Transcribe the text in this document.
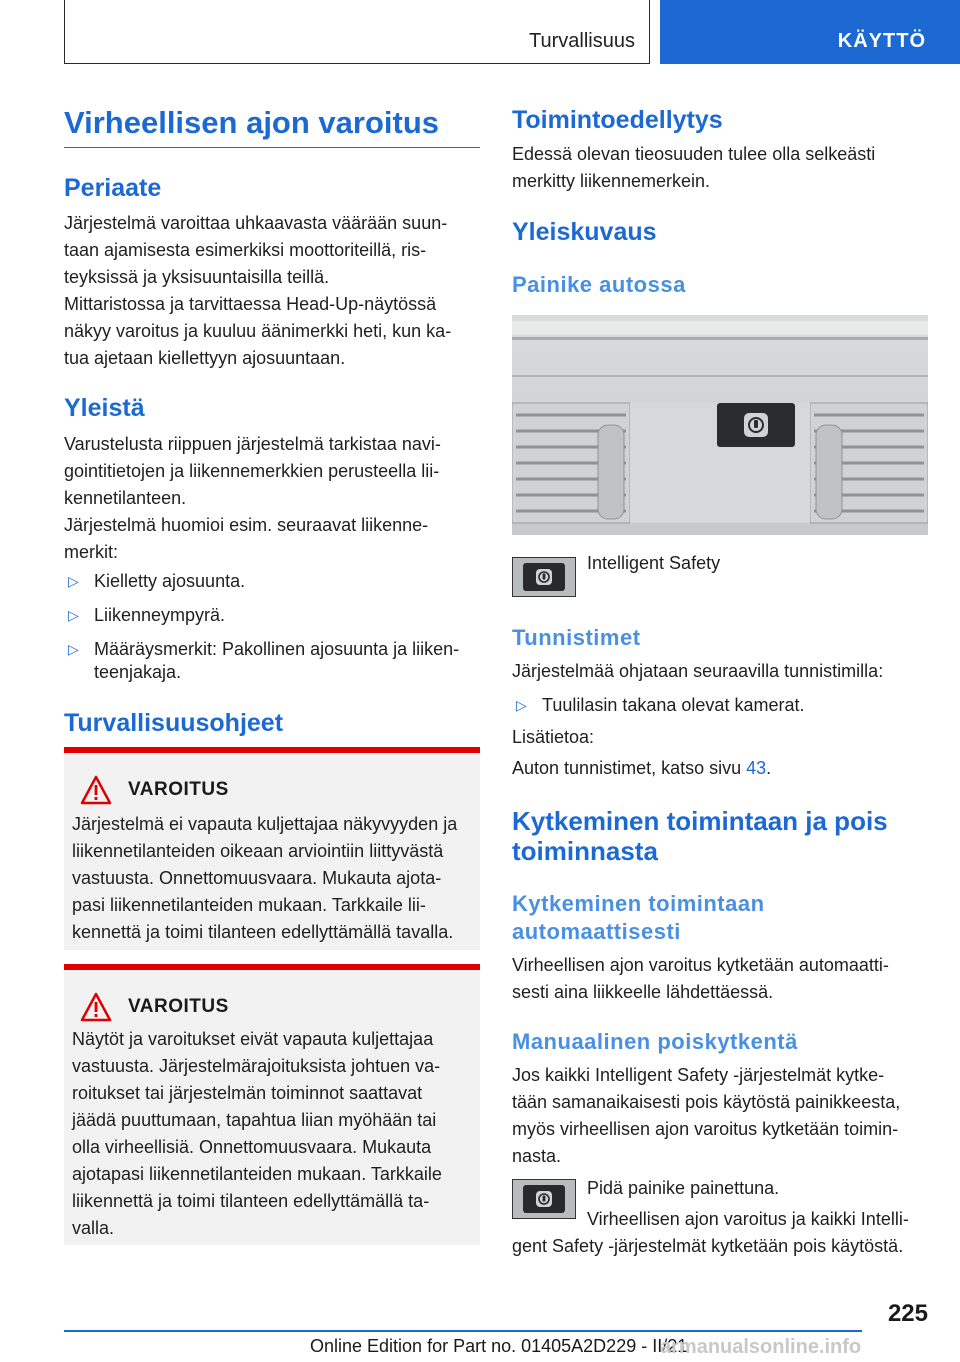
Turvallisuus	KÄYTTÖ
Virheellisen ajon varoitus
Periaate
Järjestelmä varoittaa uhkaavasta väärään suun-
taan ajamisesta esimerkiksi moottoriteillä, ris-
teyksissä ja yksisuuntaisilla teillä.
Mittaristossa ja tarvittaessa Head-Up-näytössä
näkyy varoitus ja kuuluu äänimerkki heti, kun ka-
tua ajetaan kiellettyyn ajosuuntaan.
Yleistä
Varustelusta riippuen järjestelmä tarkistaa navi-
gointitietojen ja liikennemerkkien perusteella lii-
kennetilanteen.
Järjestelmä huomioi esim. seuraavat liikenne-
merkit:
▷ Kielletty ajosuunta.
▷ Liikenneympyrä.
▷ Määräysmerkit: Pakollinen ajosuunta ja liiken-
teenjakaja.
Turvallisuusohjeet
VAROITUS
Järjestelmä ei vapauta kuljettajaa näkyvyyden ja
liikennetilanteiden oikeaan arviointiin liittyvästä
vastuusta. Onnettomuusvaara. Mukauta ajota-
pasi liikennetilanteiden mukaan. Tarkkaile lii-
kennettä ja toimi tilanteen edellyttämällä tavalla.
VAROITUS
Näytöt ja varoitukset eivät vapauta kuljettajaa
vastuusta. Järjestelmärajoituksista johtuen va-
roitukset tai järjestelmän toiminnot saattavat
jäädä puuttumaan, tapahtua liian myöhään tai
olla virheellisiä. Onnettomuusvaara. Mukauta
ajotapasi liikennetilanteiden mukaan. Tarkkaile
liikennettä ja toimi tilanteen edellyttämällä ta-
valla.
Toimintoedellytys
Edessä olevan tieosuuden tulee olla selkeästi
merkitty liikennemerkein.
Yleiskuvaus
Painike autossa
Intelligent Safety
Tunnistimet
Järjestelmää ohjataan seuraavilla tunnistimilla:
▷ Tuulilasin takana olevat kamerat.
Lisätietoa:
Auton tunnistimet, katso sivu 43.
Kytkeminen toimintaan ja pois
toiminnasta
Kytkeminen toimintaan
automaattisesti
Virheellisen ajon varoitus kytketään automaatti-
sesti aina liikkeelle lähdettäessä.
Manuaalinen poiskytkentä
Jos kaikki Intelligent Safety -järjestelmät kytke-
tään samanaikaisesti pois käytöstä painikkeesta,
myös virheellisen ajon varoitus kytketään toimin-
nasta.
Pidä painike painettuna.
Virheellisen ajon varoitus ja kaikki Intelli-
gent Safety -järjestelmät kytketään pois käytöstä.
225
Online Edition for Part no. 01405A2D229 - II/21
armanualsonline.info
